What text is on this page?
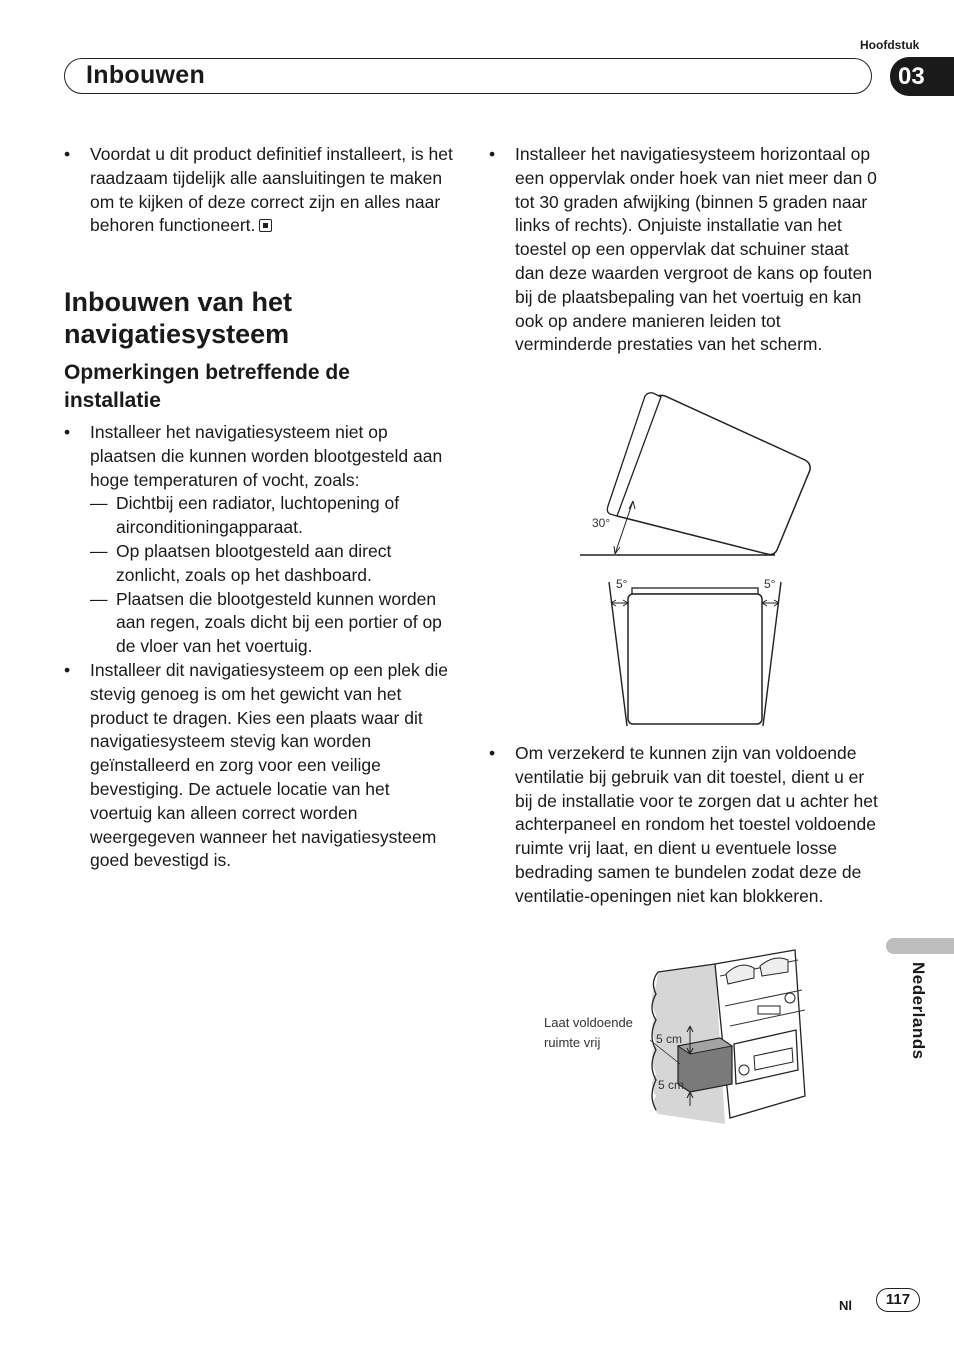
Hoofdstuk
Inbouwen	03
• Voordat u dit product definitief installeert, is het raadzaam tijdelijk alle aansluitingen te maken om te kijken of deze correct zijn en alles naar behoren functioneert.
Inbouwen van het navigatiesysteem
Opmerkingen betreffende de installatie
• Installeer het navigatiesysteem niet op plaatsen die kunnen worden blootgesteld aan hoge temperaturen of vocht, zoals:
— Dichtbij een radiator, luchtopening of airconditioningapparaat.
— Op plaatsen blootgesteld aan direct zonlicht, zoals op het dashboard.
— Plaatsen die blootgesteld kunnen worden aan regen, zoals dicht bij een portier of op de vloer van het voertuig.
• Installeer dit navigatiesysteem op een plek die stevig genoeg is om het gewicht van het product te dragen. Kies een plaats waar dit navigatiesysteem stevig kan worden geïnstalleerd en zorg voor een veilige bevestiging. De actuele locatie van het voertuig kan alleen correct worden weergegeven wanneer het navigatiesysteem goed bevestigd is.
• Installeer het navigatiesysteem horizontaal op een oppervlak onder hoek van niet meer dan 0 tot 30 graden afwijking (binnen 5 graden naar links of rechts). Onjuiste installatie van het toestel op een oppervlak dat schuiner staat dan deze waarden vergroot de kans op fouten bij de plaatsbepaling van het voertuig en kan ook op andere manieren leiden tot verminderde prestaties van het scherm.
30°
5°	5°
• Om verzekerd te kunnen zijn van voldoende ventilatie bij gebruik van dit toestel, dient u er bij de installatie voor te zorgen dat u achter het achterpaneel en rondom het toestel voldoende ruimte vrij laat, en dient u eventuele losse bedrading samen te bundelen zodat deze de ventilatie-openingen niet kan blokkeren.
Laat voldoende
ruimte vrij	5 cm
5 cm
Nederlands
Nl	117
